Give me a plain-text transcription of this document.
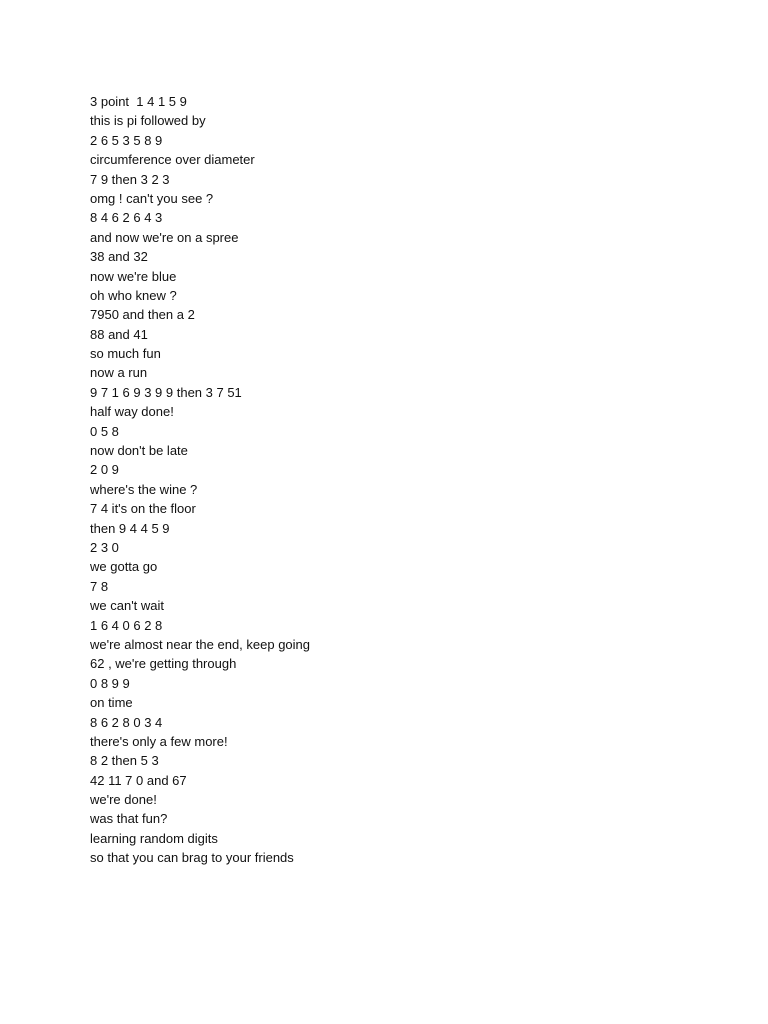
3 point  1 4 1 5 9
this is pi followed by
2 6 5 3 5 8 9
circumference over diameter
7 9 then 3 2 3
omg ! can't you see ?
8 4 6 2 6 4 3
and now we're on a spree
38 and 32
now we're blue
oh who knew ?
7950 and then a 2
88 and 41
so much fun
now a run
9 7 1 6 9 3 9 9 then 3 7 51
half way done!
0 5 8
now don't be late
2 0 9
where's the wine ?
7 4 it's on the floor
then 9 4 4 5 9
2 3 0
we gotta go
7 8
we can't wait
1 6 4 0 6 2 8
we're almost near the end, keep going
62 , we're getting through
0 8 9 9
on time
8 6 2 8 0 3 4
there's only a few more!
8 2 then 5 3
42 11 7 0 and 67
we're done!
was that fun?
learning random digits
so that you can brag to your friends
